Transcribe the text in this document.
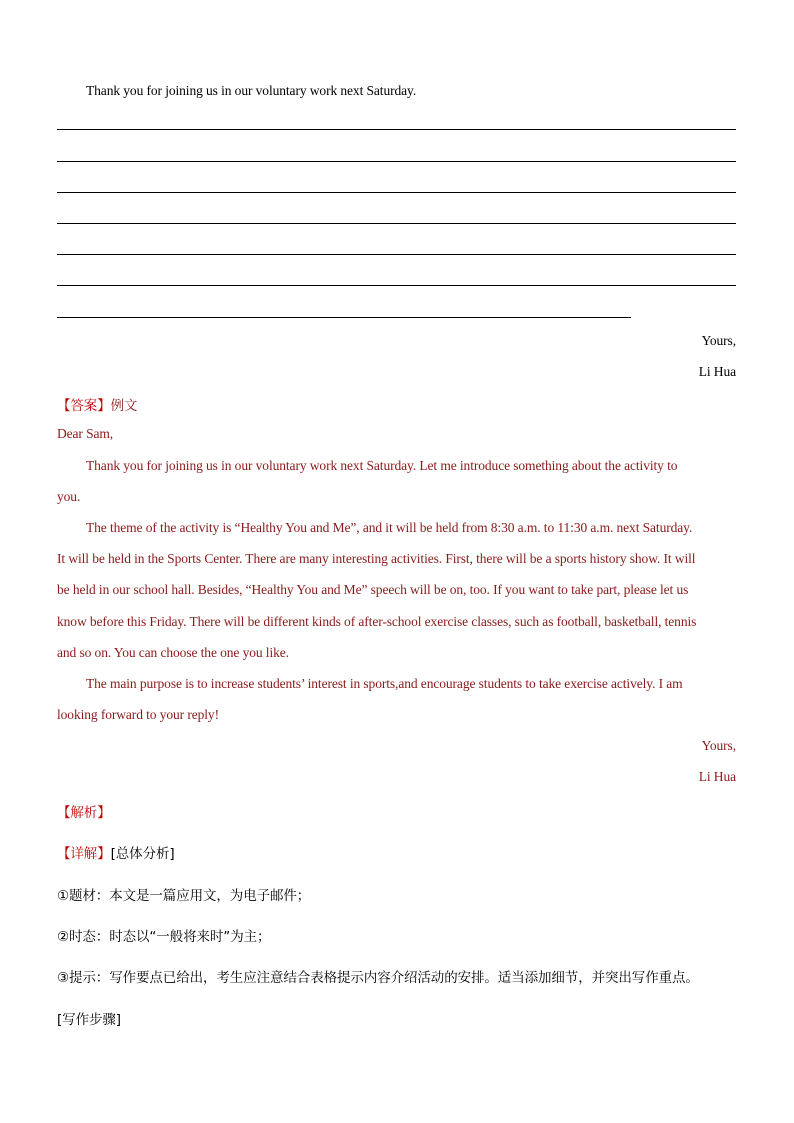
Thank you for joining us in our voluntary work next Saturday.
Yours,
Li Hua
【答案】例文
Dear Sam,
Thank you for joining us in our voluntary work next Saturday. Let me introduce something about the activity to
you.
The theme of the activity is “Healthy You and Me”, and it will be held from 8:30 a.m. to 11:30 a.m. next Saturday.
It will be held in the Sports Center. There are many interesting activities. First, there will be a sports history show. It will
be held in our school hall. Besides, “Healthy You and Me” speech will be on, too. If you want to take part, please let us
know before this Friday. There will be different kinds of after-school exercise classes, such as football, basketball, tennis
and so on. You can choose the one you like.
The main purpose is to increase students’ interest in sports,and encourage students to take exercise actively. I am
looking forward to your reply!
Yours,
Li Hua
【解析】
【详解】[总体分析]
①题材：本文是一篇应用文，为电子邮件；
②时态：时态以“一般将来时”为主；
③提示：写作要点已给出，考生应注意结合表格提示内容介绍活动的安排。适当添加细节，并突出写作重点。
[写作步骤]
